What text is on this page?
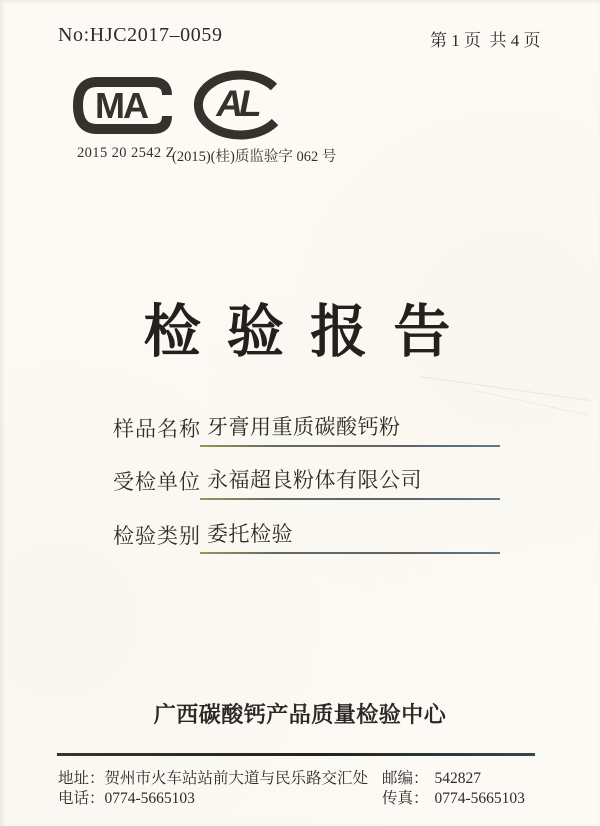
No:HJC2017–0059	第 1 页  共 4 页
MA AL
2015 20 2542 Z
(2015)(桂)质监验字 062 号
检 验 报 告
样品名称 牙膏用重质碳酸钙粉
受检单位 永福超良粉体有限公司
检验类别 委托检验
广西碳酸钙产品质量检验中心
地址：贺州市火车站站前大道与民乐路交汇处 邮编： 542827
电话：0774-5665103	传真： 0774-5665103
